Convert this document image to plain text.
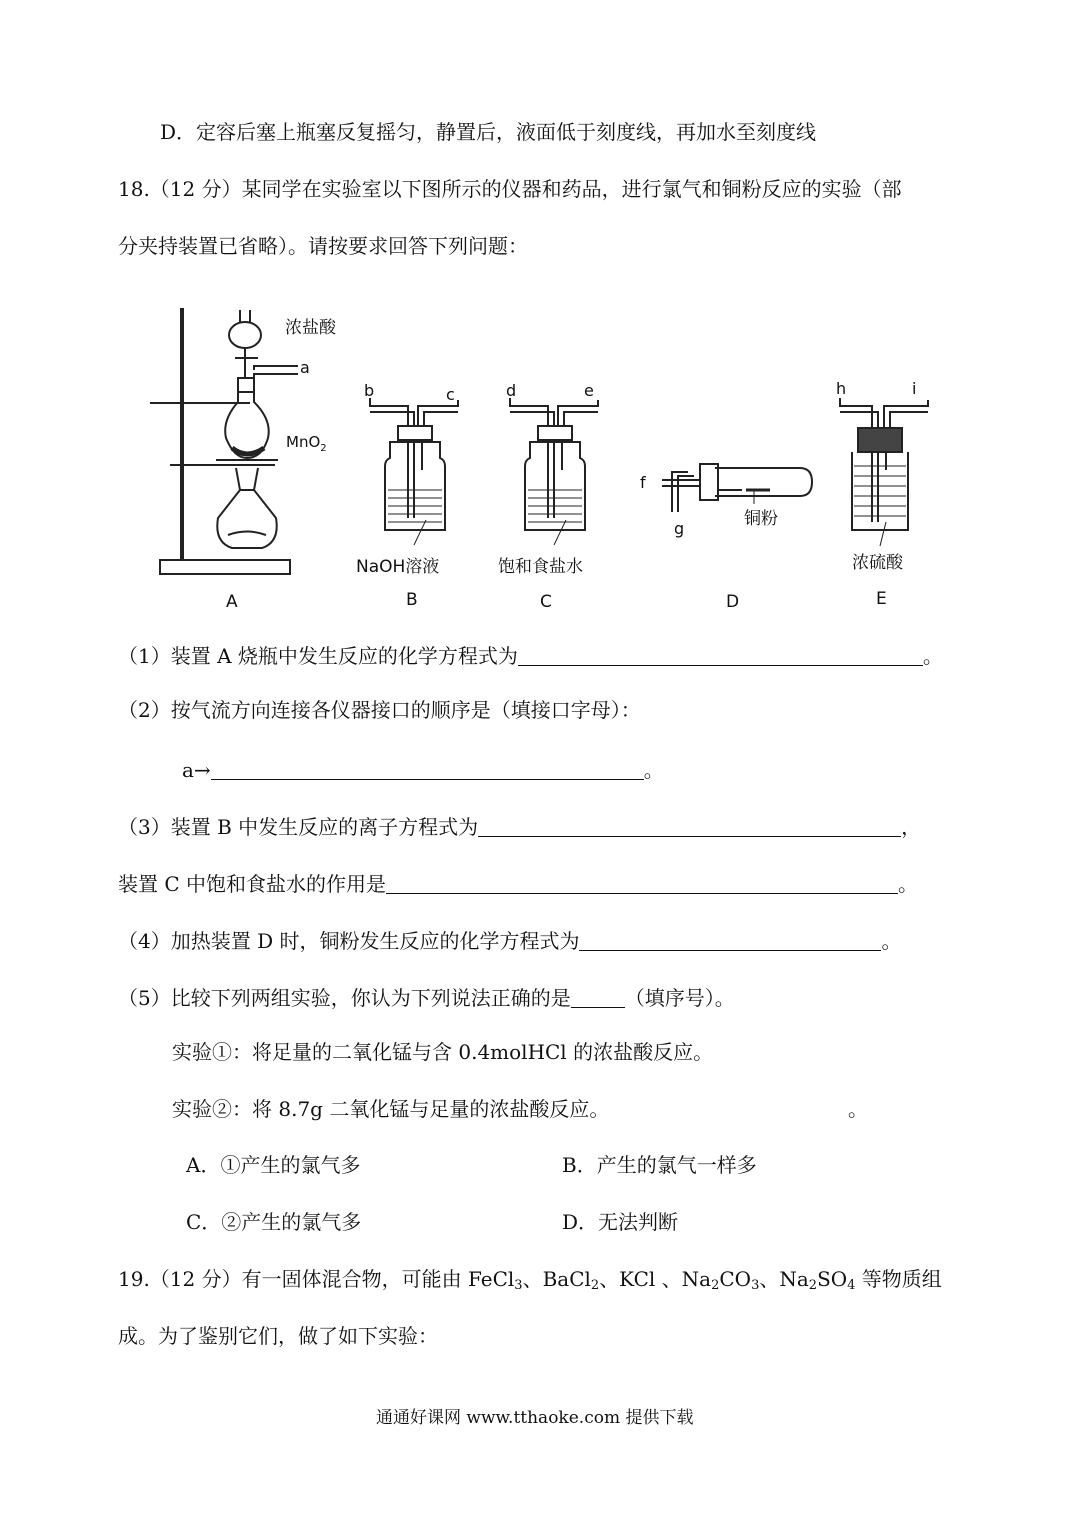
D．定容后塞上瓶塞反复摇匀，静置后，液面低于刻度线，再加水至刻度线
18.（12 分）某同学在实验室以下图所示的仪器和药品，进行氯气和铜粉反应的实验（部
分夹持装置已省略）。请按要求回答下列问题：
浓盐酸
a
MnO$_2$
b	c	d	e
f
g
h	i
NaOH溶液	饱和食盐水
铜粉
浓硫酸
A	B	C	D	E
（1）装置 A 烧瓶中发生反应的化学方程式为	。
（2）按气流方向连接各仪器接口的顺序是（填接口字母）：
a→	。
（3）装置 B 中发生反应的离子方程式为	，
装置 C 中饱和食盐水的作用是	。
（4）加热装置 D 时，铜粉发生反应的化学方程式为	。
（5）比较下列两组实验，你认为下列说法正确的是	（填序号）。
实验①：将足量的二氧化锰与含 0.4molHCl 的浓盐酸反应。
实验②：将 8.7g 二氧化锰与足量的浓盐酸反应。	。
A．①产生的氯气多	B．产生的氯气一样多
C．②产生的氯气多	D．无法判断
19.（12 分）有一固体混合物，可能由 FeCl$_3$、BaCl$_2$、KCl 、$Na_2CO_3$、$Na_2SO_4$ 等物质组
成。为了鉴别它们，做了如下实验：
通通好课网 www.tthaoke.com 提供下载
